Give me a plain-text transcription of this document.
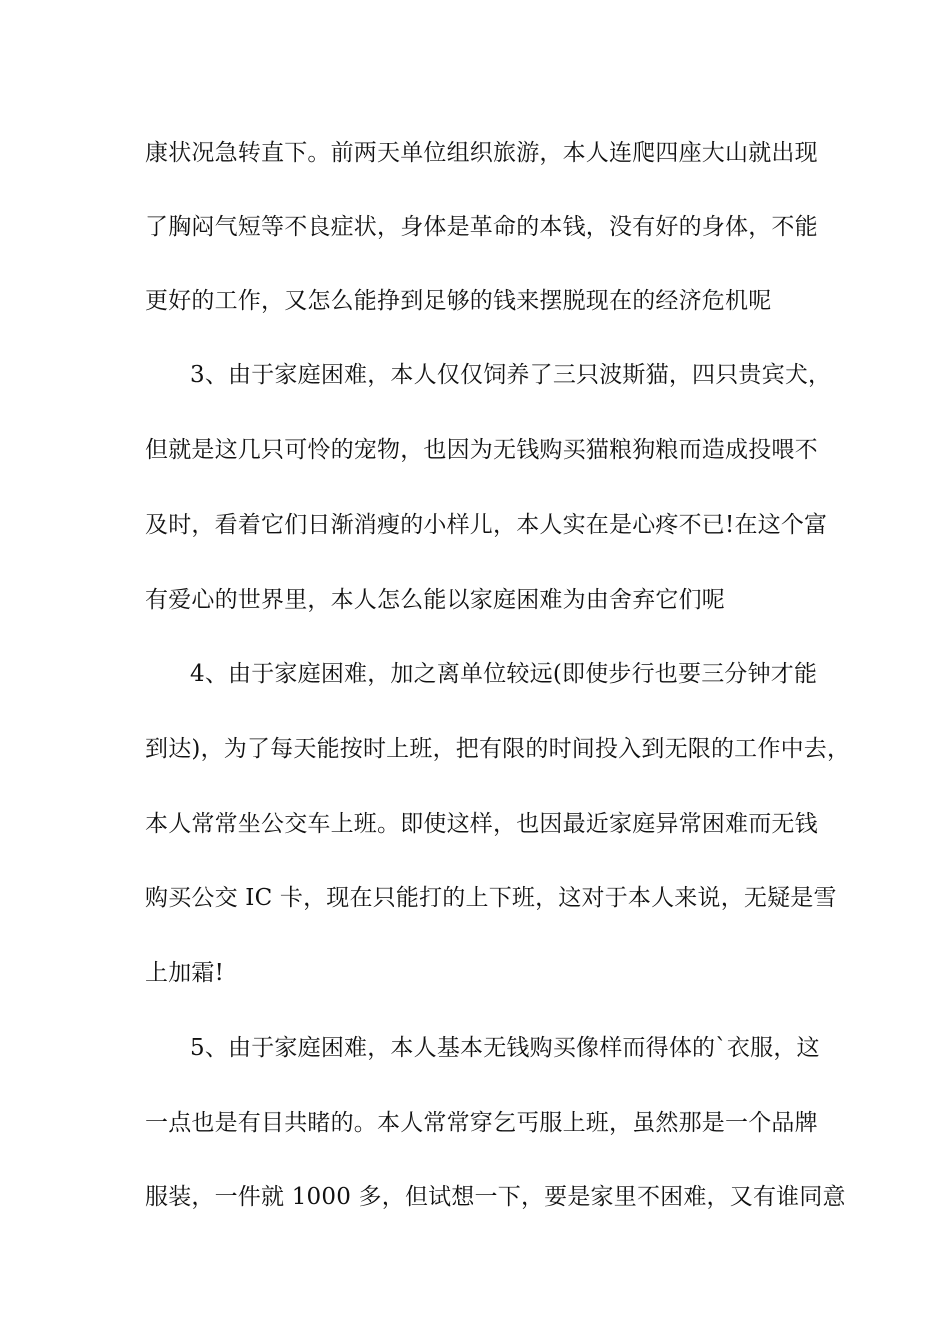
康状况急转直下。前两天单位组织旅游，本人连爬四座大山就出现
了胸闷气短等不良症状，身体是革命的本钱，没有好的身体，不能
更好的工作，又怎么能挣到足够的钱来摆脱现在的经济危机呢
3、由于家庭困难，本人仅仅饲养了三只波斯猫，四只贵宾犬，
但就是这几只可怜的宠物，也因为无钱购买猫粮狗粮而造成投喂不
及时，看着它们日渐消瘦的小样儿，本人实在是心疼不已!在这个富
有爱心的世界里，本人怎么能以家庭困难为由舍弃它们呢
4、由于家庭困难，加之离单位较远(即使步行也要三分钟才能
到达)，为了每天能按时上班，把有限的时间投入到无限的工作中去，
本人常常坐公交车上班。即使这样，也因最近家庭异常困难而无钱
购买公交 IC 卡，现在只能打的上下班，这对于本人来说，无疑是雪
上加霜!
5、由于家庭困难，本人基本无钱购买像样而得体的`衣服，这
一点也是有目共睹的。本人常常穿乞丐服上班，虽然那是一个品牌
服装，一件就 1000 多，但试想一下，要是家里不困难，又有谁同意
